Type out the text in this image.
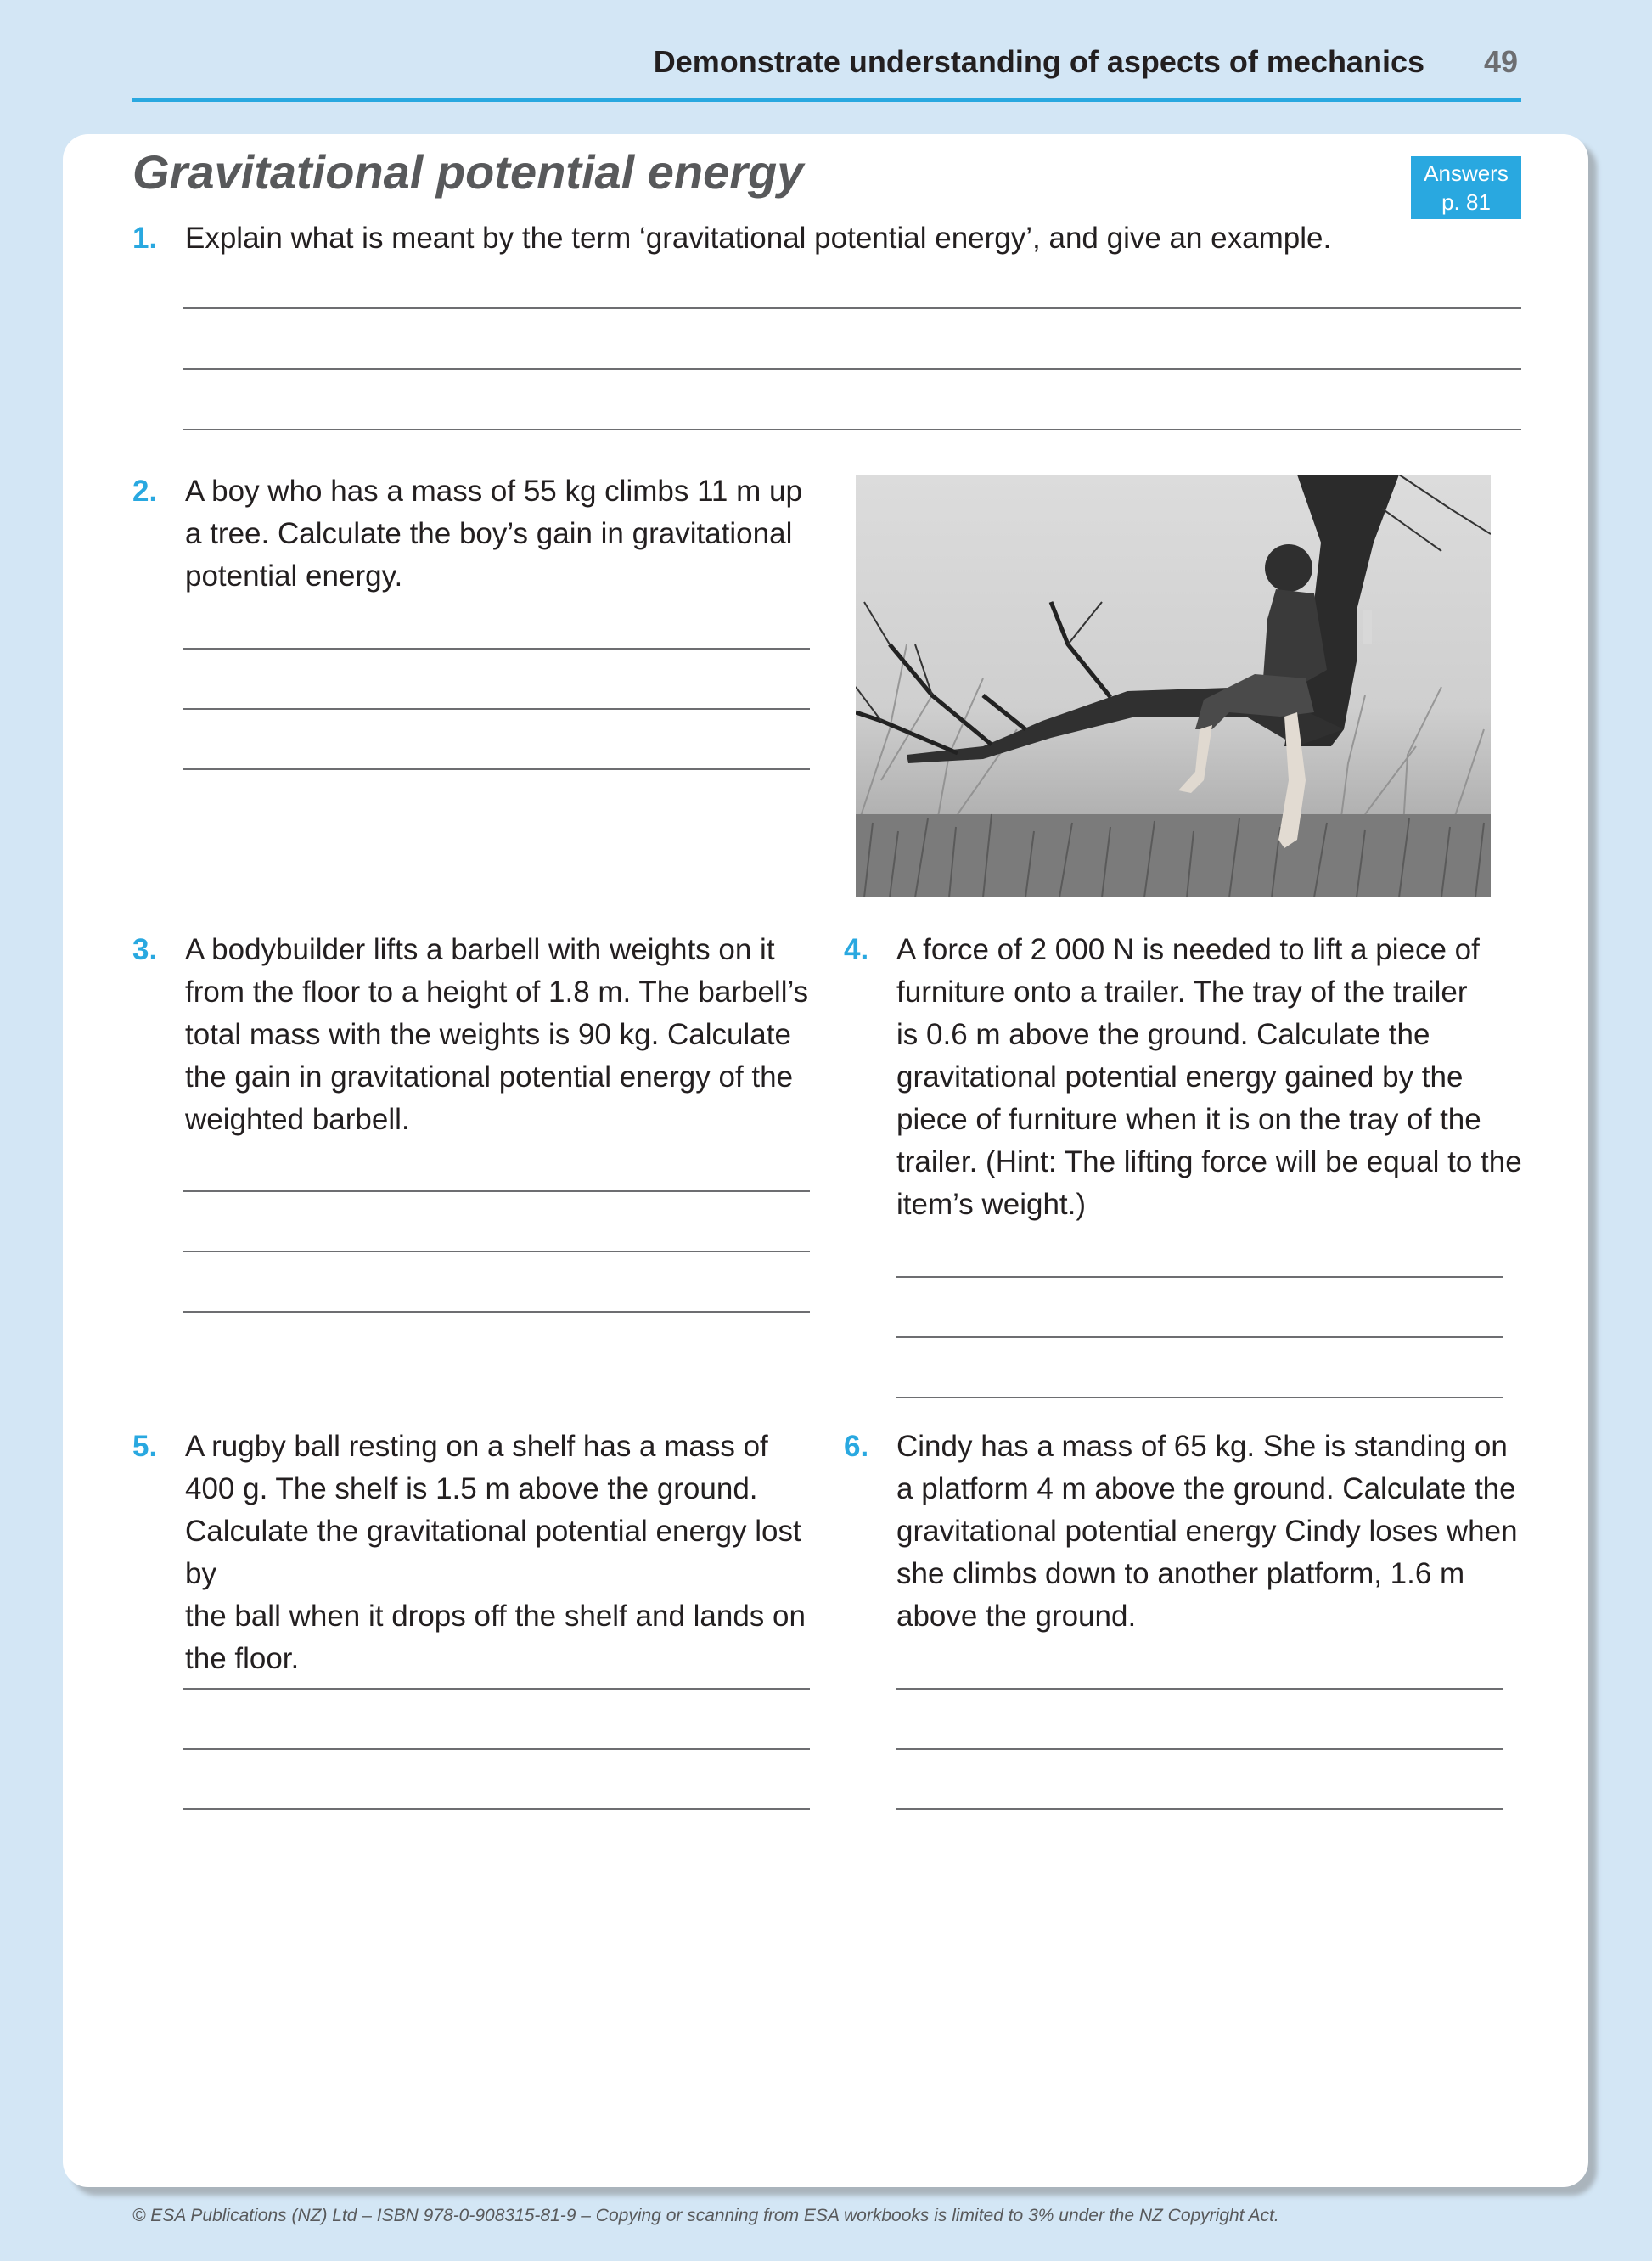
Demonstrate understanding of aspects of mechanics 49
Gravitational potential energy	Answers
p. 81
1. Explain what is meant by the term ‘gravitational potential energy’, and give an example.
2. A boy who has a mass of 55 kg climbs 11 m up
a tree. Calculate the boy’s gain in gravitational
potential energy.
3. A bodybuilder lifts a barbell with weights on it
from the floor to a height of 1.8 m. The barbell’s
total mass with the weights is 90 kg. Calculate
the gain in gravitational potential energy of the
weighted barbell.
4. A force of 2 000 N is needed to lift a piece of
furniture onto a trailer. The tray of the trailer
is 0.6 m above the ground. Calculate the
gravitational potential energy gained by the
piece of furniture when it is on the tray of the
trailer. (Hint: The lifting force will be equal to the
item’s weight.)
5. A rugby ball resting on a shelf has a mass of
400 g. The shelf is 1.5 m above the ground.
Calculate the gravitational potential energy lost by
the ball when it drops off the shelf and lands on
the floor.
6. Cindy has a mass of 65 kg. She is standing on
a platform 4 m above the ground. Calculate the
gravitational potential energy Cindy loses when
she climbs down to another platform, 1.6 m
above the ground.
© ESA Publications (NZ) Ltd – ISBN 978-0-908315-81-9 – Copying or scanning from ESA workbooks is limited to 3% under the NZ Copyright Act.
